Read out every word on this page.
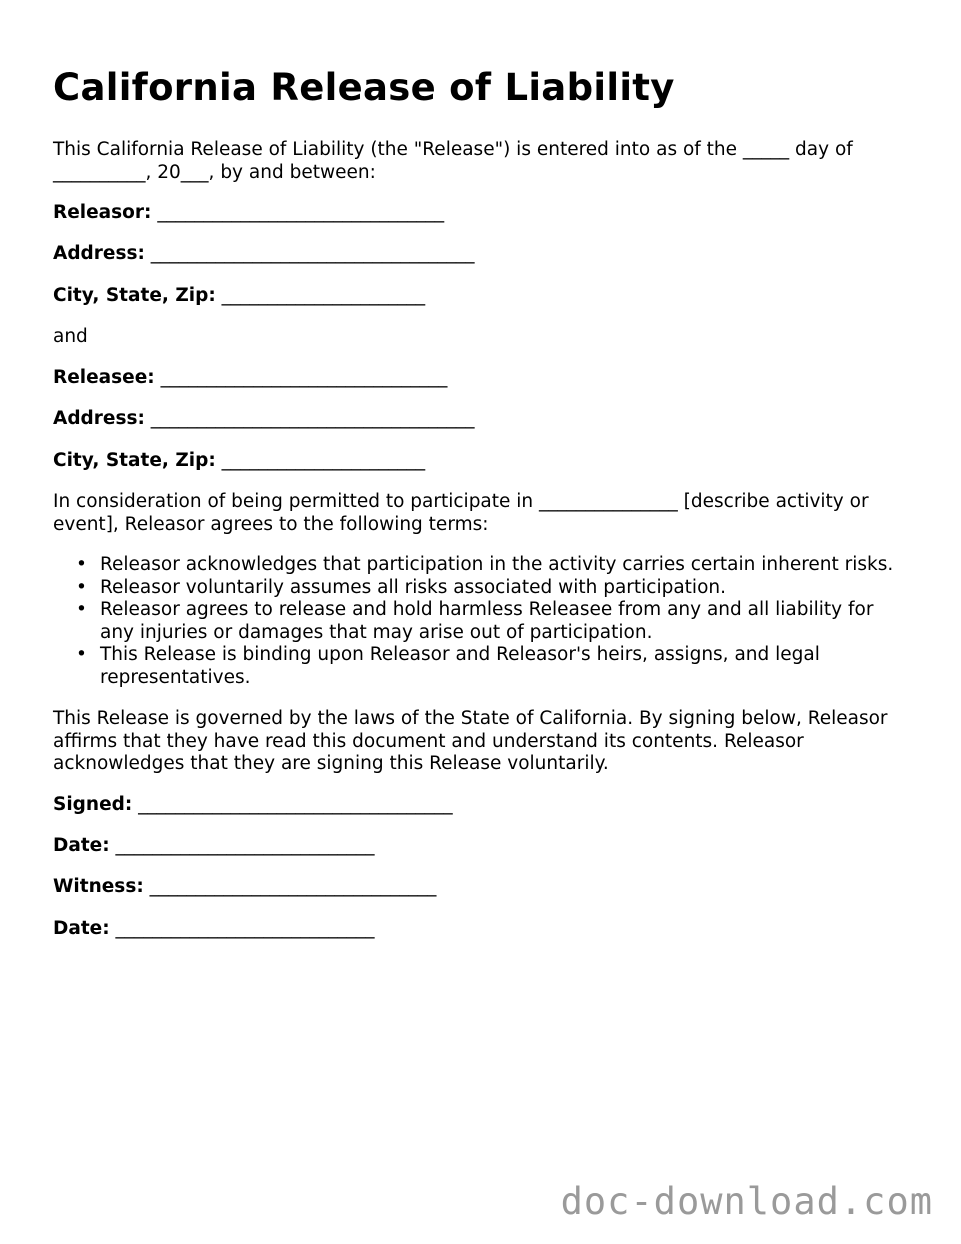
California Release of Liability

This California Release of Liability (the "Release") is entered into as of the _____ day of __________, 20___, by and between:

Releasor: _______________________________
Address: ___________________________________
City, State, Zip: ______________________

and

Releasee: _______________________________
Address: ___________________________________
City, State, Zip: ______________________

In consideration of being permitted to participate in _______________ [describe activity or event], Releasor agrees to the following terms:

• Releasor acknowledges that participation in the activity carries certain inherent risks.
• Releasor voluntarily assumes all risks associated with participation.
• Releasor agrees to release and hold harmless Releasee from any and all liability for any injuries or damages that may arise out of participation.
• This Release is binding upon Releasor and Releasor's heirs, assigns, and legal representatives.

This Release is governed by the laws of the State of California. By signing below, Releasor affirms that they have read this document and understand its contents. Releasor acknowledges that they are signing this Release voluntarily.

Signed: __________________________________
Date: ____________________________
Witness: _______________________________
Date: ____________________________
doc-download.com
